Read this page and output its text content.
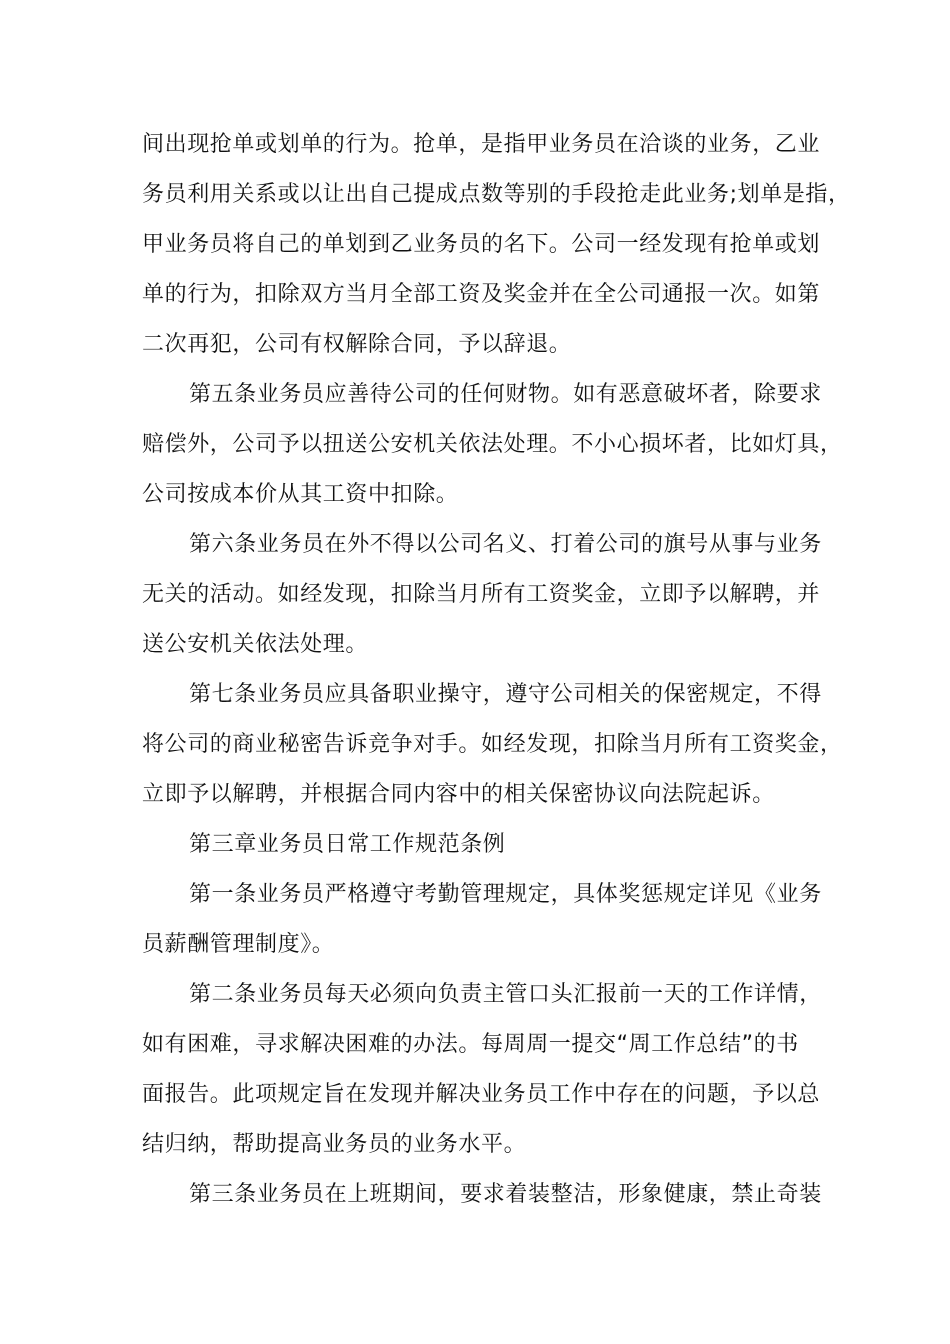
间出现抢单或划单的行为。抢单，是指甲业务员在洽谈的业务，乙业
务员利用关系或以让出自己提成点数等别的手段抢走此业务;划单是指，
甲业务员将自己的单划到乙业务员的名下。公司一经发现有抢单或划
单的行为，扣除双方当月全部工资及奖金并在全公司通报一次。如第
二次再犯，公司有权解除合同，予以辞退。

第五条业务员应善待公司的任何财物。如有恶意破坏者，除要求
赔偿外，公司予以扭送公安机关依法处理。不小心损坏者，比如灯具，
公司按成本价从其工资中扣除。

第六条业务员在外不得以公司名义、打着公司的旗号从事与业务
无关的活动。如经发现，扣除当月所有工资奖金，立即予以解聘，并
送公安机关依法处理。

第七条业务员应具备职业操守，遵守公司相关的保密规定，不得
将公司的商业秘密告诉竞争对手。如经发现，扣除当月所有工资奖金，
立即予以解聘，并根据合同内容中的相关保密协议向法院起诉。

第三章业务员日常工作规范条例

第一条业务员严格遵守考勤管理规定，具体奖惩规定详见《业务
员薪酬管理制度》。

第二条业务员每天必须向负责主管口头汇报前一天的工作详情，
如有困难，寻求解决困难的办法。每周周一提交“周工作总结”的书
面报告。此项规定旨在发现并解决业务员工作中存在的问题，予以总
结归纳，帮助提高业务员的业务水平。

第三条业务员在上班期间，要求着装整洁，形象健康，禁止奇装
